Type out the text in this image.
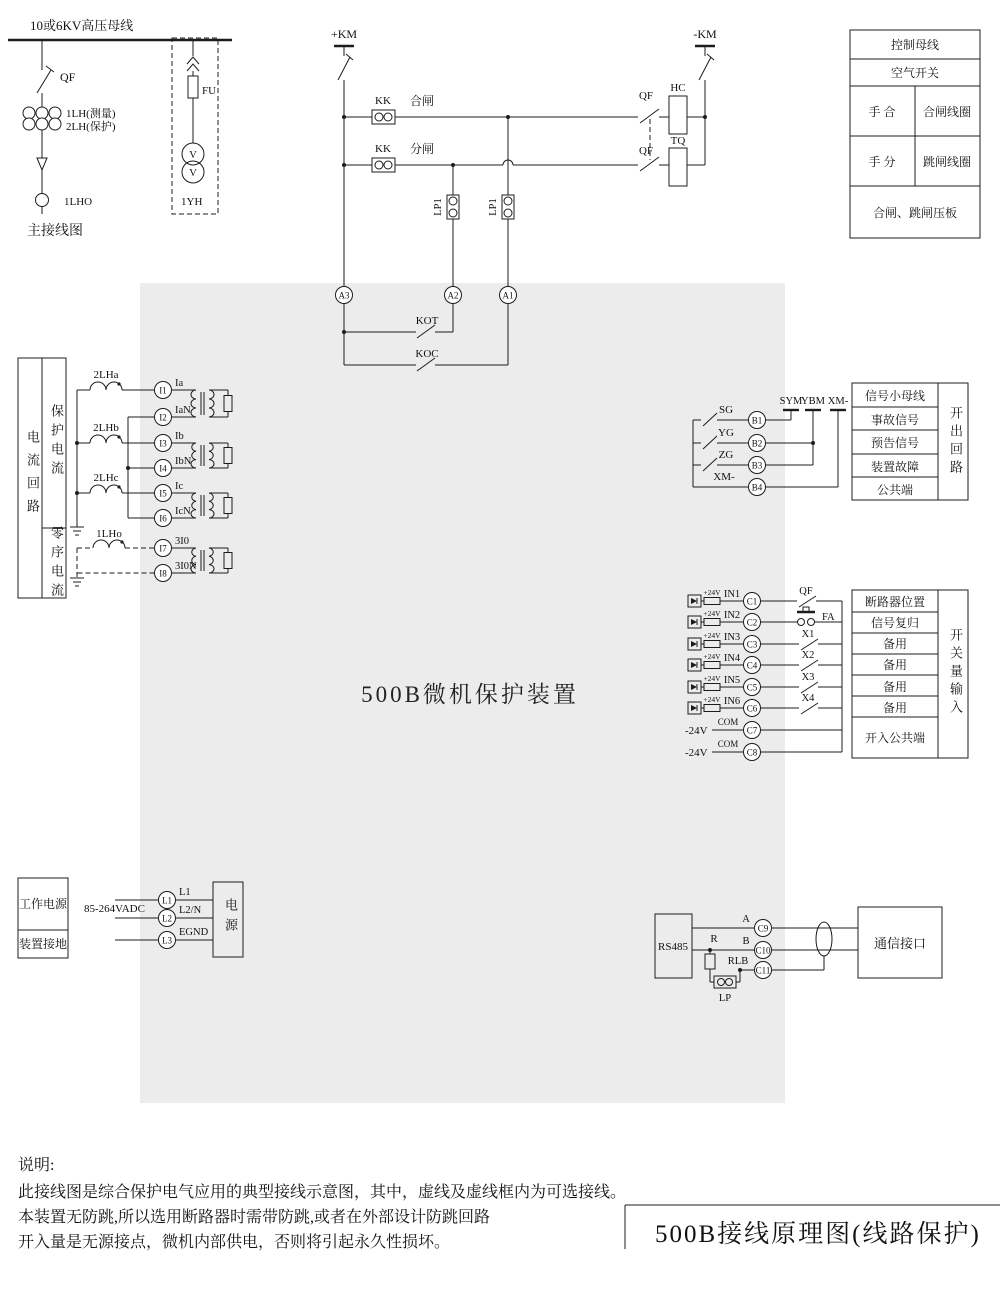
10或6KV高压母线
QF
1LH(测量)
2LH(保护)
1LHO
主接线图
FU
V
V
1YH
+KM	-KM
KK 合闸
KK 分闸
QF
QF
HC
TQ
LP1	LP1
A3	A2	A1
KOT
KOC
控制母线
空气开关
手 合 合闸线圈
手 分 跳闸线圈
合闸、跳闸压板
2LHa
2LHb
2LHc
1LHo
I1
I2
I3
I4
I5
I6
I7
I8
Ia
IaN
Ib
IbN
Ic
IcN
3I0
3I0N
SG
YG
ZG
XM-
B1
B2
B3
B4
SYM
YBM XM- 信号小母线
事故信号
预告信号
装置故障
公共端
+24V
+24V
+24V
+24V
+24V
+24V
IN1
IN2
IN3
IN4
IN5
IN6
C1
C2
C3
C4
C5
C6
C7
C8
QF
FA
X1
X2
X3
X4
-24V
COM
-24V
COM
断路器位置
信号复归
备用
备用
备用
备用
开入公共端
工作电源
装置接地
85-264VADC
L1
L2
L3
L1
L2/N
EGND
RS485
R
LP
A
B
RLB
C9
C10
C11
通信接口
说明:
此接线图是综合保护电气应用的典型接线示意图，其中，虚线及虚线框内为可选接线。
本装置无防跳,所以选用断路器时需带防跳,或者在外部设计防跳回路
开入量是无源接点，微机内部供电，否则将引起永久性损坏。
电流回路 保护电流
零序电流
开出回路
开关量输入
电源
500B微机保护装置
500B接线原理图(线路保护)
